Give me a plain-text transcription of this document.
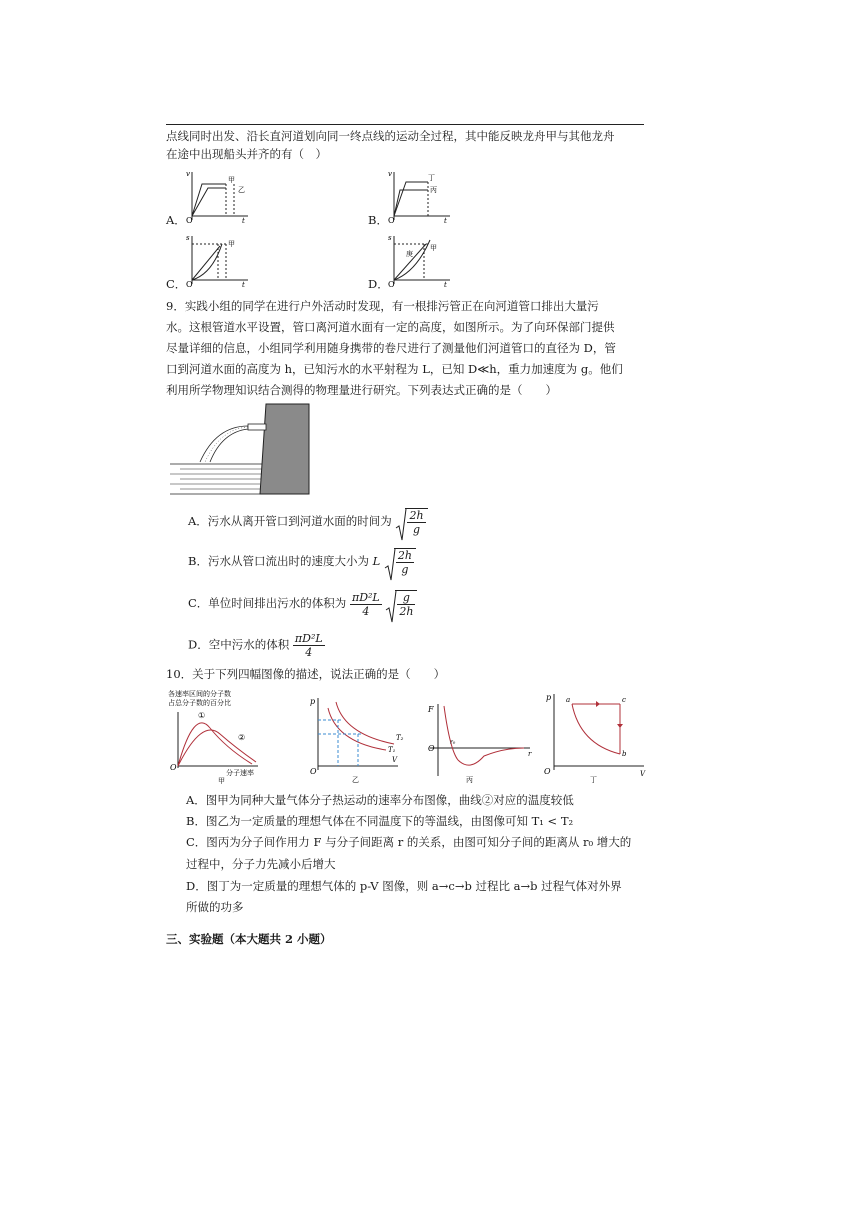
点线同时出发、沿长直河道划向同一终点线的运动全过程，其中能反映龙舟甲与其他龙舟
在途中出现船头并齐的有（　）
A．	B．
C．	D．
v
O	t
甲
乙
v
O	t
丁
丙
s
O	t
甲
s
O	t
庚
甲
9．实践小组的同学在进行户外活动时发现，有一根排污管正在向河道管口排出大量污
水。这根管道水平设置，管口离河道水面有一定的高度，如图所示。为了向环保部门提供
尽量详细的信息，小组同学利用随身携带的卷尺进行了测量他们河道管口的直径为 D，管
口到河道水面的高度为 h，已知污水的水平射程为 L，已知 D≪h，重力加速度为 g。他们
利用所学物理知识结合测得的物理量进行研究。下列表达式正确的是（　　）
A．污水从离开管口到河道水面的时间为 $\frac{2h}{g}$
B．污水从管口流出时的速度大小为 L $\frac{2h}{g}$
C．单位时间排出污水的体积为 $\frac{\text{πD²L}}{4}$
$\frac{g}{2h}$
D．空中污水的体积 $\frac{\text{πD²L}}{4}$
10．关于下列四幅图像的描述，说法正确的是（　　）
各速率区间的分子数
占总分子数的百分比
①
②
O
分子速率
甲
p
O
V
T₂
T₁
乙
F
O
r
r₀
丙
p
O	V
a	c
b
丁
A．图甲为同种大量气体分子热运动的速率分布图像，曲线②对应的温度较低
B．图乙为一定质量的理想气体在不同温度下的等温线，由图像可知 T₁ < T₂
C．图丙为分子间作用力 F 与分子间距离 r 的关系，由图可知分子间的距离从 r₀ 增大的
过程中，分子力先减小后增大
D．图丁为一定质量的理想气体的 p-V 图像，则 a→c→b 过程比 a→b 过程气体对外界
所做的功多
三、实验题（本大题共 2 小题）
